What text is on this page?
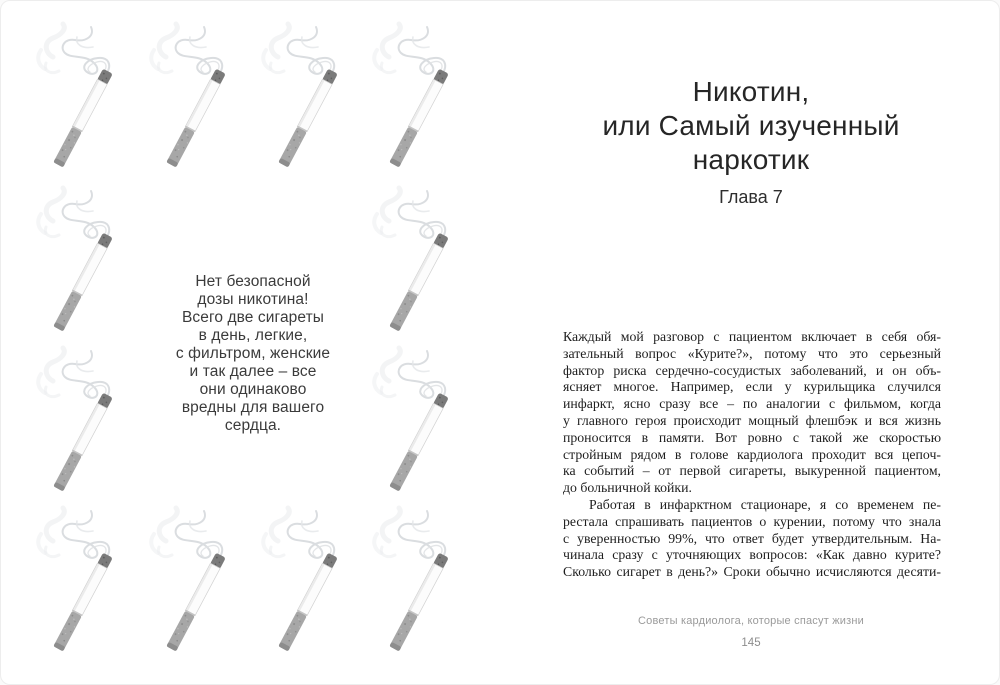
Нет безопасной
дозы никотина!
Всего две сигареты
в день, легкие,
с фильтром, женские
и так далее – все
они одинаково
вредны для вашего
сердца.
Никотин,
или Самый изученный
наркотик
Глава 7
Каждый мой разговор с пациентом включает в себя обя-
зательный вопрос «Курите?», потому что это серьезный
фактор риска сердечно-сосудистых заболеваний, и он объ-
ясняет многое. Например, если у курильщика случился
инфаркт, ясно сразу все – по аналогии с фильмом, когда
у главного героя происходит мощный флешбэк и вся жизнь
проносится в памяти. Вот ровно с такой же скоростью
стройным рядом в голове кардиолога проходит вся цепоч-
ка событий – от первой сигареты, выкуренной пациентом,
до больничной койки.
Работая в инфарктном стационаре, я со временем пе-
рестала спрашивать пациентов о курении, потому что знала
с уверенностью 99%, что ответ будет утвердительным. На-
чинала сразу с уточняющих вопросов: «Как давно курите?
Сколько сигарет в день?» Сроки обычно исчисляются десяти-
Советы кардиолога, которые спасут жизни
145
